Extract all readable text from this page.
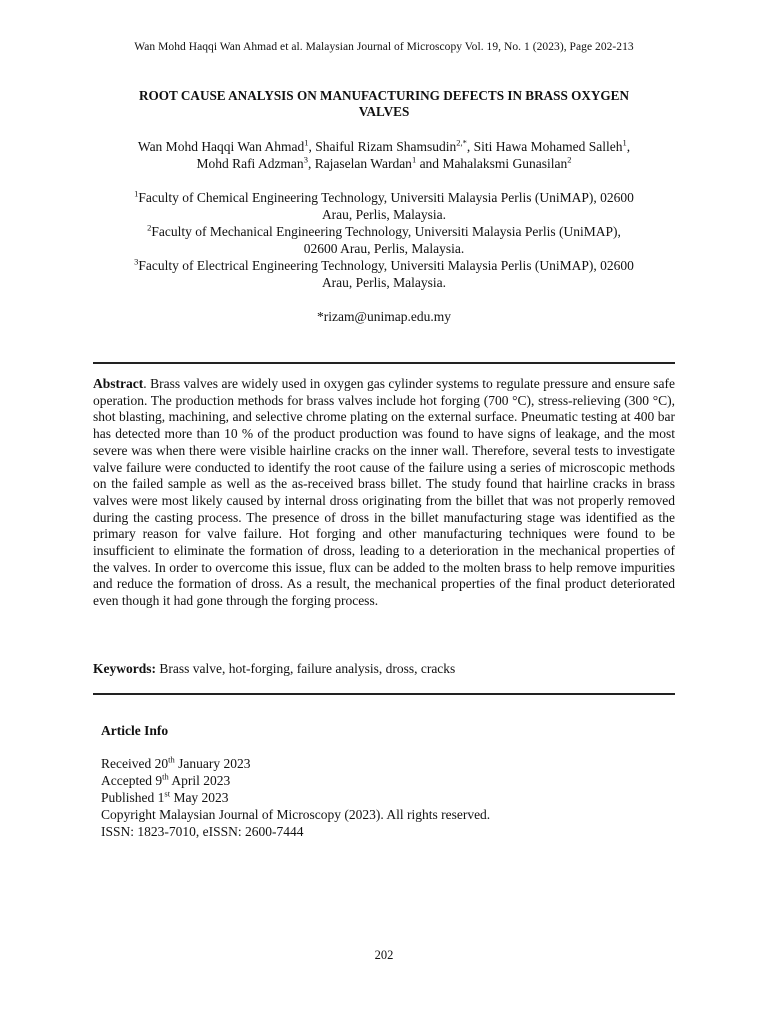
Wan Mohd Haqqi Wan Ahmad et al. Malaysian Journal of Microscopy Vol. 19, No. 1 (2023), Page 202-213
ROOT CAUSE ANALYSIS ON MANUFACTURING DEFECTS IN BRASS OXYGEN
VALVES
Wan Mohd Haqqi Wan Ahmad$^1$, Shaiful Rizam Shamsudin$^{2,*}$, Siti Hawa Mohamed Salleh$^1$,
Mohd Rafi Adzman$^3$, Rajaselan Wardan$^1$ and Mahalaksmi Gunasilan$^2$
$^1$Faculty of Chemical Engineering Technology, Universiti Malaysia Perlis (UniMAP), 02600
Arau, Perlis, Malaysia.
$^2$Faculty of Mechanical Engineering Technology, Universiti Malaysia Perlis (UniMAP),
02600 Arau, Perlis, Malaysia.
$^3$Faculty of Electrical Engineering Technology, Universiti Malaysia Perlis (UniMAP), 02600
Arau, Perlis, Malaysia.
*rizam@unimap.edu.my
Abstract. Brass valves are widely used in oxygen gas cylinder systems to regulate pressure and ensure safe operation. The production methods for brass valves include hot forging (700 °C), stress-relieving (300 °C), shot blasting, machining, and selective chrome plating on the external surface. Pneumatic testing at 400 bar has detected more than 10 % of the product production was found to have signs of leakage, and the most severe was when there were visible hairline cracks on the inner wall. Therefore, several tests to investigate valve failure were conducted to identify the root cause of the failure using a series of microscopic methods on the failed sample as well as the as-received brass billet. The study found that hairline cracks in brass valves were most likely caused by internal dross originating from the billet that was not properly removed during the casting process. The presence of dross in the billet manufacturing stage was identified as the primary reason for valve failure. Hot forging and other manufacturing techniques were found to be insufficient to eliminate the formation of dross, leading to a deterioration in the mechanical properties of the valves. In order to overcome this issue, flux can be added to the molten brass to help remove impurities and reduce the formation of dross. As a result, the mechanical properties of the final product deteriorated even though it had gone through the forging process.
Keywords: Brass valve, hot-forging, failure analysis, dross, cracks
Article Info
Received 20th January 2023
Accepted 9th April 2023
Published 1st May 2023
Copyright Malaysian Journal of Microscopy (2023). All rights reserved.
ISSN: 1823-7010, eISSN: 2600-7444
202
